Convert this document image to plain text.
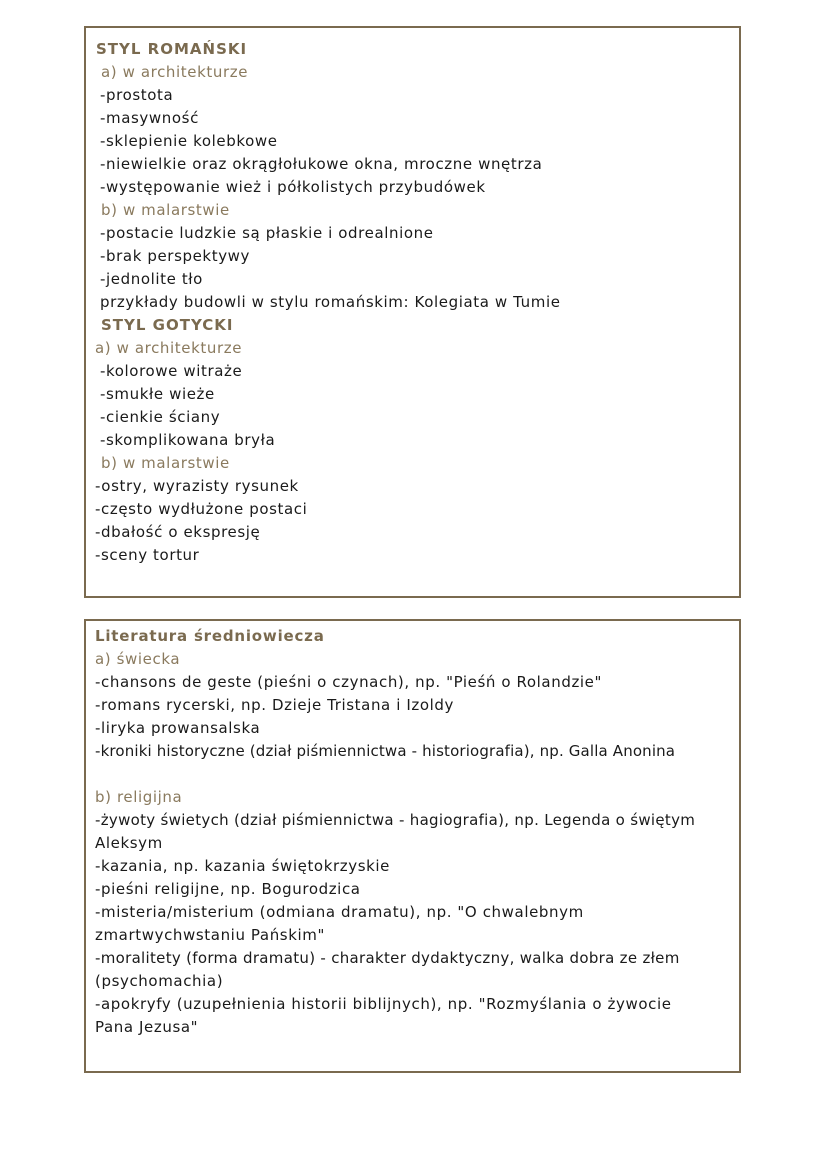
STYL ROMAŃSKI
a) w architekturze
-prostota
-masywność
-sklepienie kolebkowe
-niewielkie oraz okrągłołukowe okna, mroczne wnętrza
-występowanie wież i półkolistych przybudówek
b) w malarstwie
-postacie ludzkie są płaskie i odrealnione
-brak perspektywy
-jednolite tło
przykłady budowli w stylu romańskim: Kolegiata w Tumie
STYL GOTYCKI
a) w architekturze
-kolorowe witraże
-smukłe wieże
-cienkie ściany
-skomplikowana bryła
b) w malarstwie
-ostry, wyrazisty rysunek
-często wydłużone postaci
-dbałość o ekspresję
-sceny tortur
Literatura średniowiecza
a) świecka
-chansons de geste (pieśni o czynach), np. "Pieśń o Rolandzie"
-romans rycerski, np. Dzieje Tristana i Izoldy
-liryka prowansalska
-kroniki historyczne (dział piśmiennictwa - historiografia), np. Galla Anonina
b) religijna
-żywoty świetych (dział piśmiennictwa - hagiografia), np. Legenda o świętym
Aleksym
-kazania, np. kazania świętokrzyskie
-pieśni religijne, np. Bogurodzica
-misteria/misterium (odmiana dramatu), np. "O chwalebnym
zmartwychwstaniu Pańskim"
-moralitety (forma dramatu) - charakter dydaktyczny, walka dobra ze złem
(psychomachia)
-apokryfy (uzupełnienia historii biblijnych), np. "Rozmyślania o żywocie
Pana Jezusa"
